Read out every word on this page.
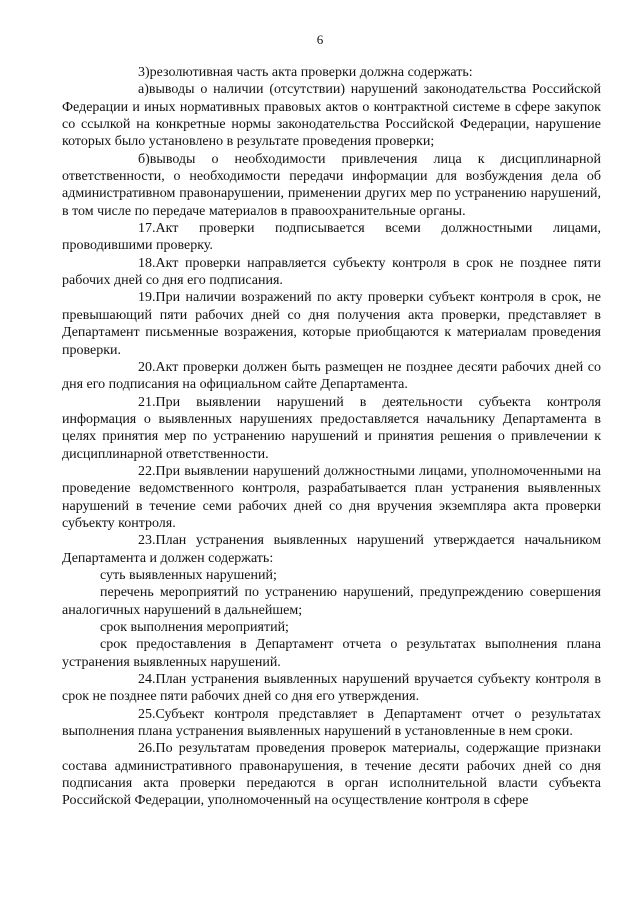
6

3)резолютивная часть акта проверки должна содержать:

а)выводы о наличии (отсутствии) нарушений законодательства Российской Федерации и иных нормативных правовых актов о контрактной системе в сфере закупок со ссылкой на конкретные нормы законодательства Российской Федерации, нарушение которых было установлено в результате проведения проверки;

б)выводы о необходимости привлечения лица к дисциплинарной ответственности, о необходимости передачи информации для возбуждения дела об административном правонарушении, применении других мер по устранению нарушений, в том числе по передаче материалов в правоохранительные органы.

17.Акт проверки подписывается всеми должностными лицами, проводившими проверку.

18.Акт проверки направляется субъекту контроля в срок не позднее пяти рабочих дней со дня его подписания.

19.При наличии возражений по акту проверки субъект контроля в срок, не превышающий пяти рабочих дней со дня получения акта проверки, представляет в Департамент письменные возражения, которые приобщаются к материалам проведения проверки.

20.Акт проверки должен быть размещен не позднее десяти рабочих дней со дня его подписания на официальном сайте Департамента.

21.При выявлении нарушений в деятельности субъекта контроля информация о выявленных нарушениях предоставляется начальнику Департамента в целях принятия мер по устранению нарушений и принятия решения о привлечении к дисциплинарной ответственности.

22.При выявлении нарушений должностными лицами, уполномоченными на проведение ведомственного контроля, разрабатывается план устранения выявленных нарушений в течение семи рабочих дней со дня вручения экземпляра акта проверки субъекту контроля.

23.План устранения выявленных нарушений утверждается начальником Департамента и должен содержать:

суть выявленных нарушений;

перечень мероприятий по устранению нарушений, предупреждению совершения аналогичных нарушений в дальнейшем;

срок выполнения мероприятий;

срок предоставления в Департамент отчета о результатах выполнения плана устранения выявленных нарушений.

24.План устранения выявленных нарушений вручается субъекту контроля в срок не позднее пяти рабочих дней со дня его утверждения.

25.Субъект контроля представляет в Департамент отчет о результатах выполнения плана устранения выявленных нарушений в установленные в нем сроки.

26.По результатам проведения проверок материалы, содержащие признаки состава административного правонарушения, в течение десяти рабочих дней со дня подписания акта проверки передаются в орган исполнительной власти субъекта Российской Федерации, уполномоченный на осуществление контроля в сфере
